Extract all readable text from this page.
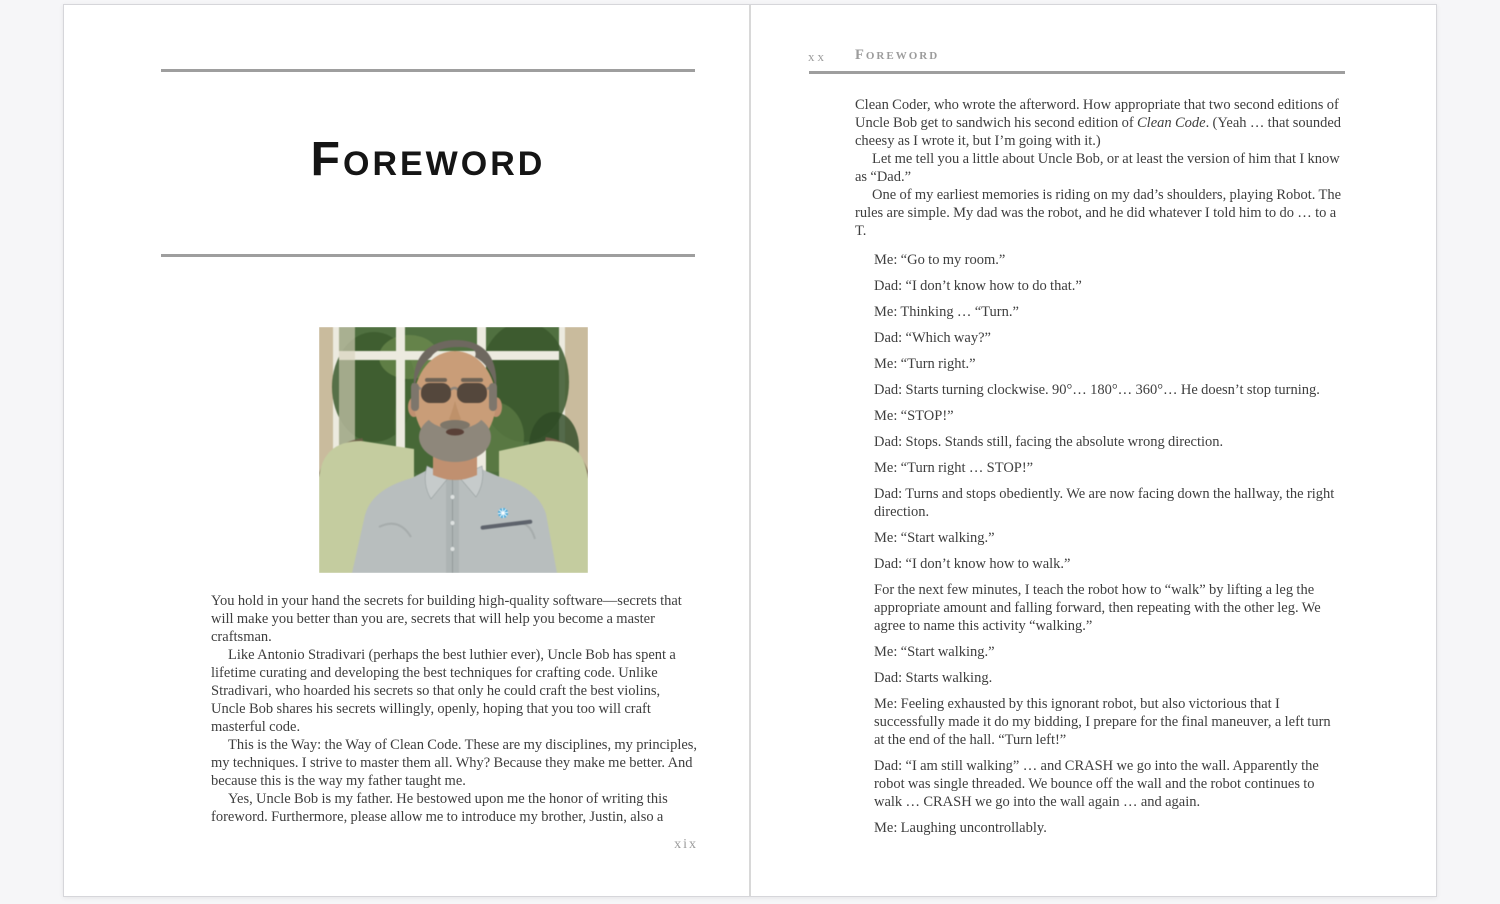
FOREWORD

You hold in your hand the secrets for building high-quality software—secrets that will make you better than you are, secrets that will help you become a master craftsman.

Like Antonio Stradivari (perhaps the best luthier ever), Uncle Bob has spent a lifetime curating and developing the best techniques for crafting code. Unlike Stradivari, who hoarded his secrets so that only he could craft the best violins, Uncle Bob shares his secrets willingly, openly, hoping that you too will craft masterful code.

This is the Way: the Way of Clean Code. These are my disciplines, my principles, my techniques. I strive to master them all. Why? Because they make me better. And because this is the way my father taught me.

Yes, Uncle Bob is my father. He bestowed upon me the honor of writing this foreword. Furthermore, please allow me to introduce my brother, Justin, also a

xix
xx FOREWORD

Clean Coder, who wrote the afterword. How appropriate that two second editions of Uncle Bob get to sandwich his second edition of Clean Code. (Yeah … that sounded cheesy as I wrote it, but I’m going with it.)

Let me tell you a little about Uncle Bob, or at least the version of him that I know as “Dad.”

One of my earliest memories is riding on my dad’s shoulders, playing Robot. The rules are simple. My dad was the robot, and he did whatever I told him to do … to a T.

Me: “Go to my room.”

Dad: “I don’t know how to do that.”

Me: Thinking … “Turn.”

Dad: “Which way?”

Me: “Turn right.”

Dad: Starts turning clockwise. 90°… 180°… 360°… He doesn’t stop turning.

Me: “STOP!”

Dad: Stops. Stands still, facing the absolute wrong direction.

Me: “Turn right … STOP!”

Dad: Turns and stops obediently. We are now facing down the hallway, the right direction.

Me: “Start walking.”

Dad: “I don’t know how to walk.”

For the next few minutes, I teach the robot how to “walk” by lifting a leg the appropriate amount and falling forward, then repeating with the other leg. We agree to name this activity “walking.”

Me: “Start walking.”

Dad: Starts walking.

Me: Feeling exhausted by this ignorant robot, but also victorious that I successfully made it do my bidding, I prepare for the final maneuver, a left turn at the end of the hall. “Turn left!”

Dad: “I am still walking” … and CRASH we go into the wall. Apparently the robot was single threaded. We bounce off the wall and the robot continues to walk … CRASH we go into the wall again … and again.

Me: Laughing uncontrollably.
